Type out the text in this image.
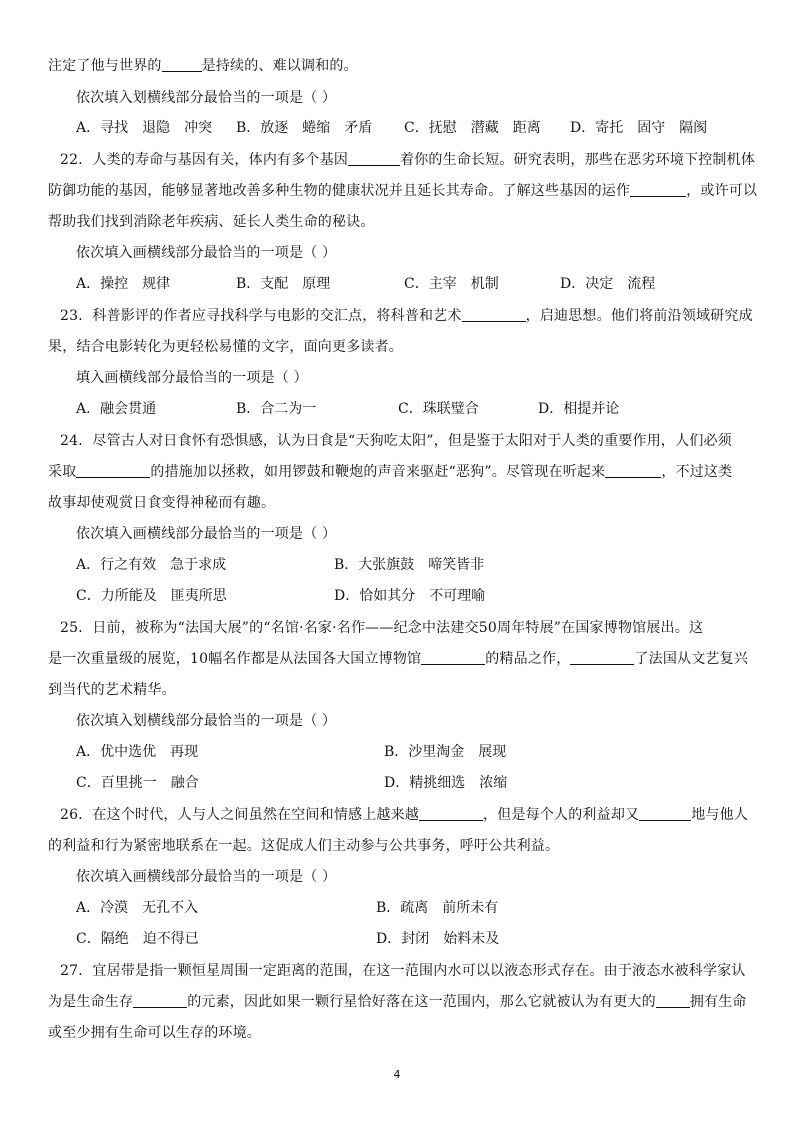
注定了他与世界的	是持续的、难以调和的。
依次填入划横线部分最恰当的一项是（ ）
A．寻找　退隐　冲突 B．放逐　蜷缩　矛盾 C．抚慰　潜藏　距离 D．寄托　固守　隔阂
22．人类的寿命与基因有关，体内有多个基因	着你的生命长短。研究表明，那些在恶劣环境下控制机体
防御功能的基因，能够显著地改善多种生物的健康状况并且延长其寿命。了解这些基因的运作	，或许可以
帮助我们找到消除老年疾病、延长人类生命的秘诀。
依次填入画横线部分最恰当的一项是（ ）
A．操控　规律	B．支配　原理	C．主宰　机制	D．决定　流程
23．科普影评的作者应寻找科学与电影的交汇点，将科普和艺术	，启迪思想。他们将前沿领域研究成
果，结合电影转化为更轻松易懂的文字，面向更多读者。
填入画横线部分最恰当的一项是（ ）
A．融会贯通	B．合二为一	C．珠联璧合	D．相提并论
24．尽管古人对日食怀有恐惧感，认为日食是“天狗吃太阳”，但是鉴于太阳对于人类的重要作用，人们必须
采取	的措施加以拯救，如用锣鼓和鞭炮的声音来驱赶“恶狗”。尽管现在听起来	，不过这类
故事却使观赏日食变得神秘而有趣。
依次填入画横线部分最恰当的一项是（ ）
A．行之有效　急于求成	B．大张旗鼓　啼笑皆非
C．力所能及　匪夷所思	D．恰如其分　不可理喻
25．日前，被称为“法国大展”的“名馆·名家·名作——纪念中法建交50周年特展”在国家博物馆展出。这
是一次重量级的展览，10幅名作都是从法国各大国立博物馆	的精品之作，	了法国从文艺复兴
到当代的艺术精华。
依次填入划横线部分最恰当的一项是（ ）
A．优中选优　再现	B．沙里淘金　展现
C．百里挑一　融合	D．精挑细选　浓缩
26．在这个时代，人与人之间虽然在空间和情感上越来越	，但是每个人的利益却又	地与他人
的利益和行为紧密地联系在一起。这促成人们主动参与公共事务，呼吁公共利益。
依次填入画横线部分最恰当的一项是（ ）
A．冷漠　无孔不入	B．疏离　前所未有
C．隔绝　迫不得已	D．封闭　始料未及
27．宜居带是指一颗恒星周围一定距离的范围，在这一范围内水可以以液态形式存在。由于液态水被科学家认
为是生命生存	的元素，因此如果一颗行星恰好落在这一范围内，那么它就被认为有更大的 拥有生命
或至少拥有生命可以生存的环境。
4
